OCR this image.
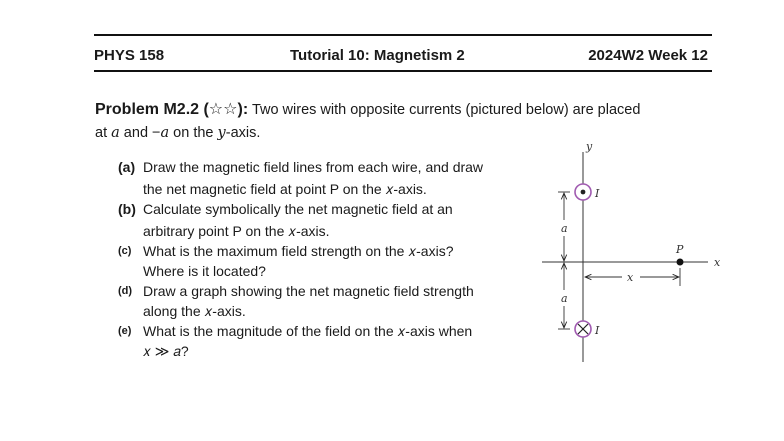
PHYS 158	Tutorial 10: Magnetism 2	2024W2 Week 12
Problem M2.2 (☆☆): Two wires with opposite currents (pictured below) are placed
at a and −a on the y-axis.
(a) Draw the magnetic field lines from each wire, and draw
the net magnetic field at point P on the 𝑥-axis.
(b) Calculate symbolically the net magnetic field at an
arbitrary point P on the 𝑥-axis.
(c) What is the maximum field strength on the 𝑥-axis?
Where is it located?
(d) Draw a graph showing the net magnetic field strength
along the 𝑥-axis.
(e) What is the magnitude of the field on the 𝑥-axis when
𝑥 ≫ 𝑎?
y
x
I
I
P
a
a
x
